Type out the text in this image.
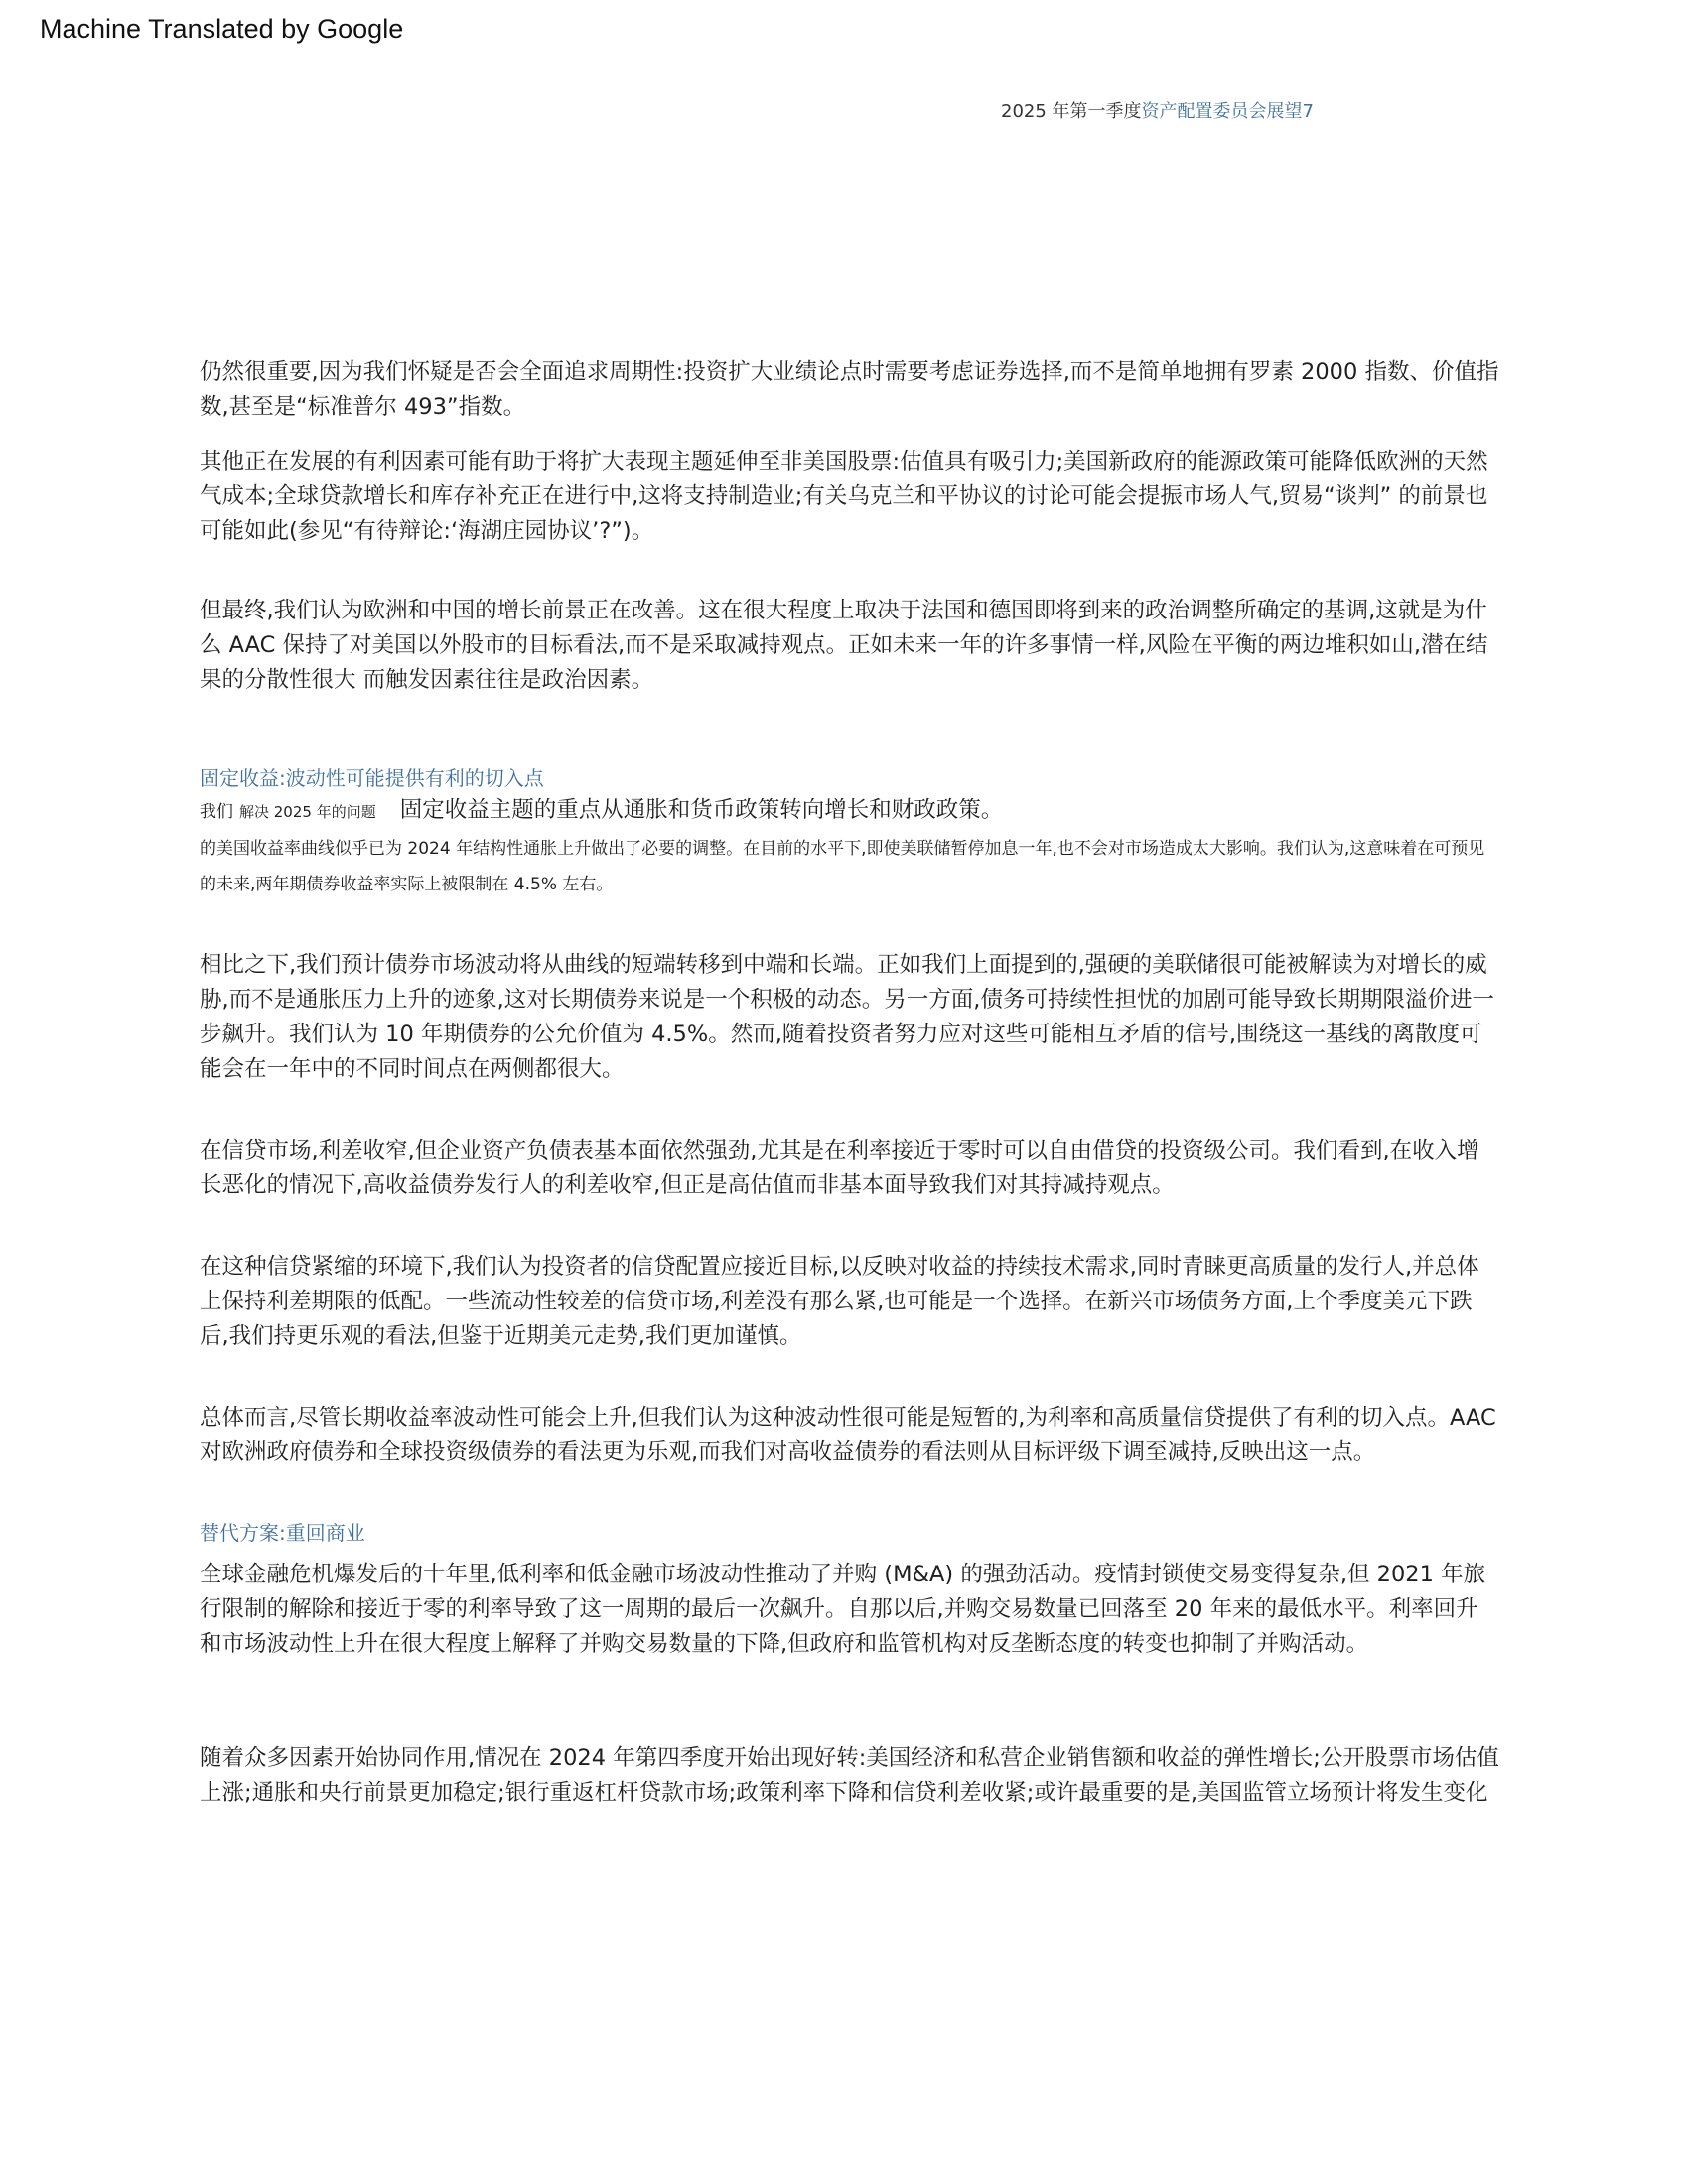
Machine Translated by Google
2025 年第一季度资产配置委员会展望7

仍然很重要,因为我们怀疑是否会全面追求周期性:投资扩大业绩论点时需要考虑证券选择,而不是简单地拥有罗素 2000 指数、价值指数,甚至是“标准普尔 493”指数。

其他正在发展的有利因素可能有助于将扩大表现主题延伸至非美国股票:估值具有吸引力;美国新政府的能源政策可能降低欧洲的天然气成本;全球贷款增长和库存补充正在进行中,这将支持制造业;有关乌克兰和平协议的讨论可能会提振市场人气,贸易“谈判” 的前景也可能如此(参见“有待辩论:‘海湖庄园协议’?”)。

但最终,我们认为欧洲和中国的增长前景正在改善。这在很大程度上取决于法国和德国即将到来的政治调整所确定的基调,这就是为什么 AAC 保持了对美国以外股市的目标看法,而不是采取减持观点。正如未来一年的许多事情一样,风险在平衡的两边堆积如山,潜在结果的分散性很大 而触发因素往往是政治因素。

固定收益:波动性可能提供有利的切入点

我们 解决 2025 年的问题 固定收益主题的重点从通胀和货币政策转向增长和财政政策。

的美国收益率曲线似乎已为 2024 年结构性通胀上升做出了必要的调整。在目前的水平下,即使美联储暂停加息一年,也不会对市场造成太大影响。我们认为,这意味着在可预见的未来,两年期债券收益率实际上被限制在 4.5% 左右。

相比之下,我们预计债券市场波动将从曲线的短端转移到中端和长端。正如我们上面提到的,强硬的美联储很可能被解读为对增长的威胁,而不是通胀压力上升的迹象,这对长期债券来说是一个积极的动态。另一方面,债务可持续性担忧的加剧可能导致长期期限溢价进一步飙升。我们认为 10 年期债券的公允价值为 4.5%。然而,随着投资者努力应对这些可能相互矛盾的信号,围绕这一基线的离散度可能会在一年中的不同时间点在两侧都很大。

在信贷市场,利差收窄,但企业资产负债表基本面依然强劲,尤其是在利率接近于零时可以自由借贷的投资级公司。我们看到,在收入增长恶化的情况下,高收益债券发行人的利差收窄,但正是高估值而非基本面导致我们对其持减持观点。

在这种信贷紧缩的环境下,我们认为投资者的信贷配置应接近目标,以反映对收益的持续技术需求,同时青睐更高质量的发行人,并总体上保持利差期限的低配。一些流动性较差的信贷市场,利差没有那么紧,也可能是一个选择。在新兴市场债务方面,上个季度美元下跌后,我们持更乐观的看法,但鉴于近期美元走势,我们更加谨慎。

总体而言,尽管长期收益率波动性可能会上升,但我们认为这种波动性很可能是短暂的,为利率和高质量信贷提供了有利的切入点。AAC 对欧洲政府债券和全球投资级债券的看法更为乐观,而我们对高收益债券的看法则从目标评级下调至减持,反映出这一点。

替代方案:重回商业

全球金融危机爆发后的十年里,低利率和低金融市场波动性推动了并购 (M&A) 的强劲活动。疫情封锁使交易变得复杂,但 2021 年旅行限制的解除和接近于零的利率导致了这一周期的最后一次飙升。自那以后,并购交易数量已回落至 20 年来的最低水平。利率回升和市场波动性上升在很大程度上解释了并购交易数量的下降,但政府和监管机构对反垄断态度的转变也抑制了并购活动。

随着众多因素开始协同作用,情况在 2024 年第四季度开始出现好转:美国经济和私营企业销售额和收益的弹性增长;公开股票市场估值上涨;通胀和央行前景更加稳定;银行重返杠杆贷款市场;政策利率下降和信贷利差收紧;或许最重要的是,美国监管立场预计将发生变化
